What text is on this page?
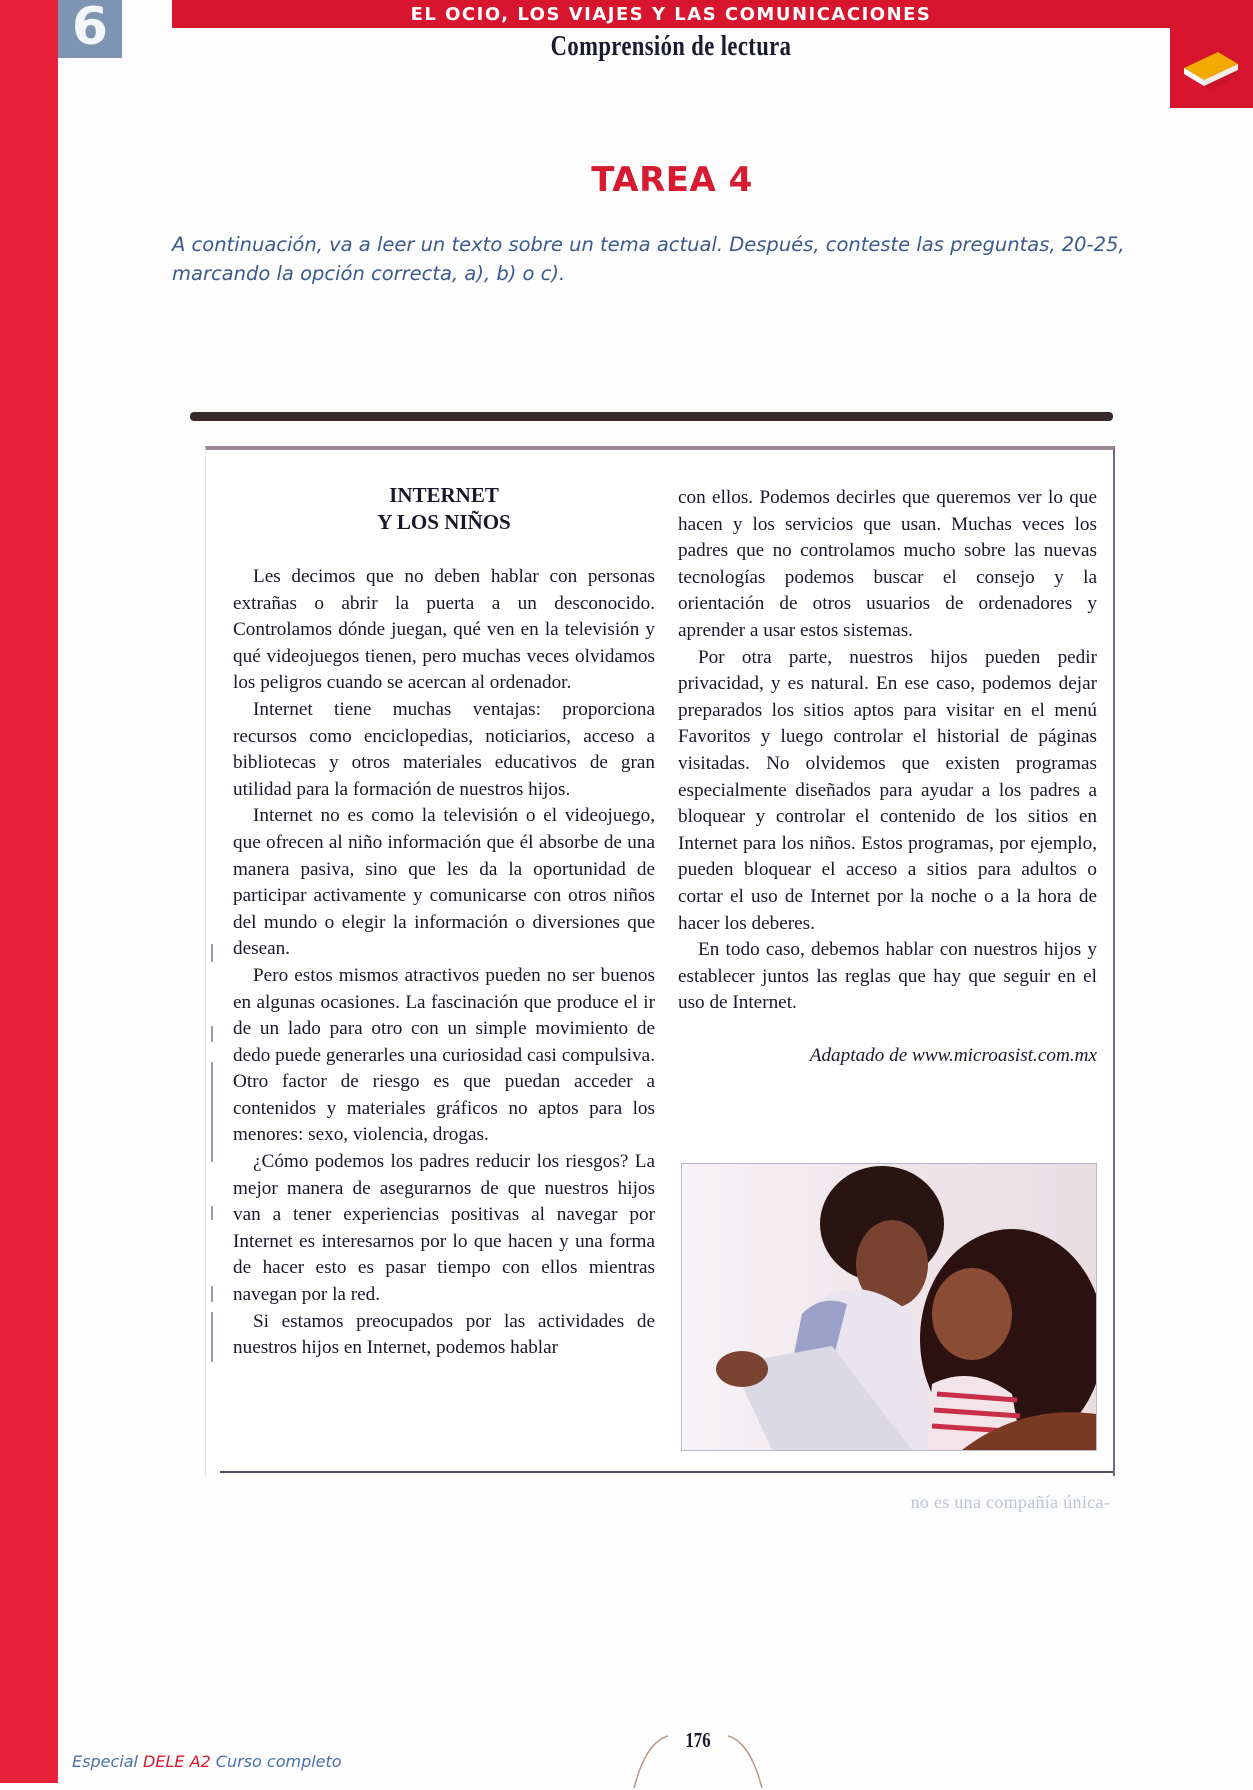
6	EL OCIO, LOS VIAJES Y LAS COMUNICACIONES
Comprensión de lectura
TAREA 4
A continuación, va a leer un texto sobre un tema actual. Después, conteste las preguntas, 20-25, marcando la opción correcta, a), b) o c).

INTERNET
Y LOS NIÑOS

Les decimos que no deben hablar con personas extrañas o abrir la puerta a un desconocido. Controlamos dónde juegan, qué ven en la televisión y qué videojuegos tienen, pero muchas veces olvidamos los peligros cuando se acercan al ordenador.

Internet tiene muchas ventajas: proporciona recursos como enciclopedias, noticiarios, acceso a bibliotecas y otros materiales educativos de gran utilidad para la formación de nuestros hijos.

Internet no es como la televisión o el videojuego, que ofrecen al niño información que él absorbe de una manera pasiva, sino que les da la oportunidad de participar activamente y comunicarse con otros niños del mundo o elegir la información o diversiones que desean.

Pero estos mismos atractivos pueden no ser buenos en algunas ocasiones. La fascinación que produce el ir de un lado para otro con un simple movimiento de dedo puede generarles una curiosidad casi compulsiva. Otro factor de riesgo es que puedan acceder a contenidos y materiales gráficos no aptos para los menores: sexo, violencia, drogas.

¿Cómo podemos los padres reducir los riesgos? La mejor manera de asegurarnos de que nuestros hijos van a tener experiencias positivas al navegar por Internet es interesarnos por lo que hacen y una forma de hacer esto es pasar tiempo con ellos mientras navegan por la red.

Si estamos preocupados por las actividades de nuestros hijos en Internet, podemos hablar

con ellos. Podemos decirles que queremos ver lo que hacen y los servicios que usan. Muchas veces los padres que no controlamos mucho sobre las nuevas tecnologías podemos buscar el consejo y la orientación de otros usuarios de ordenadores y aprender a usar estos sistemas.

Por otra parte, nuestros hijos pueden pedir privacidad, y es natural. En ese caso, podemos dejar preparados los sitios aptos para visitar en el menú Favoritos y luego controlar el historial de páginas visitadas. No olvidemos que existen programas especialmente diseñados para ayudar a los padres a bloquear y controlar el contenido de los sitios en Internet para los niños. Estos programas, por ejemplo, pueden bloquear el acceso a sitios para adultos o cortar el uso de Internet por la noche o a la hora de hacer los deberes.

En todo caso, debemos hablar con nuestros hijos y establecer juntos las reglas que hay que seguir en el uso de Internet.

Adaptado de www.microasist.com.mx

no es una compañía única-
Especial DELE A2 Curso completo
176
